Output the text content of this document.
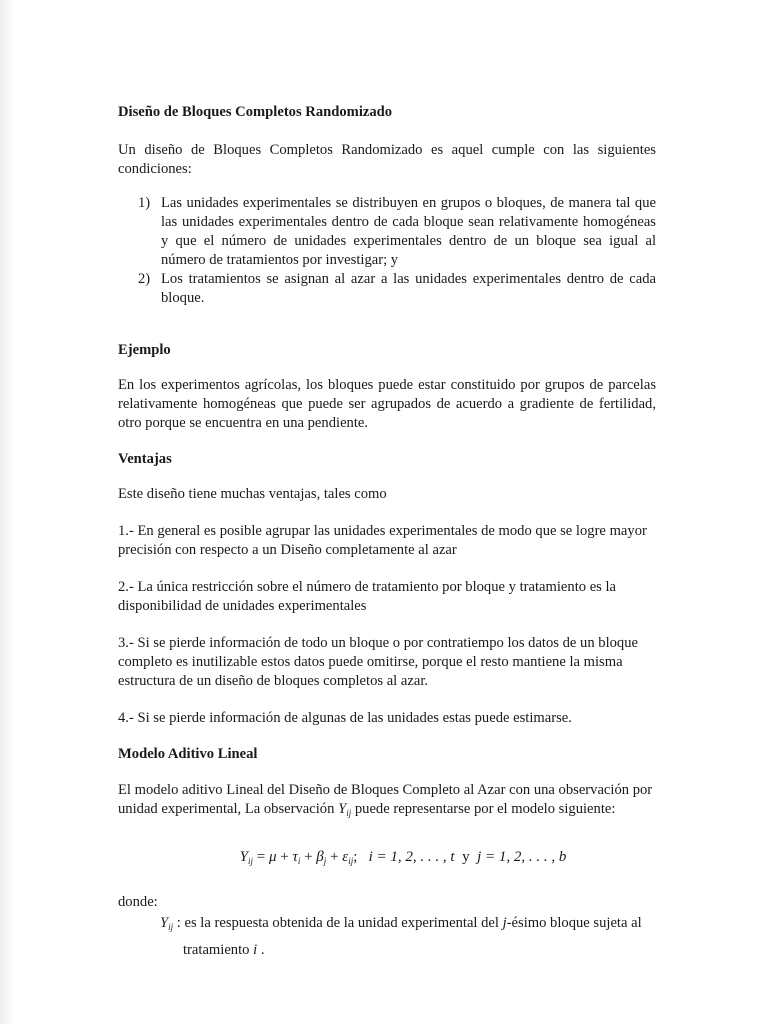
Diseño de Bloques Completos Randomizado

Un diseño de Bloques Completos Randomizado es aquel cumple con las siguientes condiciones:

1) Las unidades experimentales se distribuyen en grupos o bloques, de manera tal que las unidades experimentales dentro de cada bloque sean relativamente homogéneas y que el número de unidades experimentales dentro de un bloque sea igual al número de tratamientos por investigar; y
2) Los tratamientos se asignan al azar a las unidades experimentales dentro de cada bloque.

Ejemplo

En los experimentos agrícolas, los bloques puede estar constituido por grupos de parcelas relativamente homogéneas que puede ser agrupados de acuerdo a gradiente de fertilidad, otro porque se encuentra en una pendiente.

Ventajas

Este diseño tiene muchas ventajas, tales como

1.- En general es posible agrupar las unidades experimentales de modo que se logre mayor precisión con respecto a un Diseño completamente al azar

2.- La única restricción sobre el número de tratamiento por bloque y tratamiento es la disponibilidad de unidades experimentales

3.- Si se pierde información de todo un bloque o por contratiempo los datos de un bloque completo es inutilizable estos datos puede omitirse, porque el resto mantiene la misma estructura de un diseño de bloques completos al azar.

4.- Si se pierde información de algunas de las unidades estas puede estimarse.

Modelo Aditivo Lineal

El modelo aditivo Lineal del Diseño de Bloques Completo al Azar con una observación por unidad experimental, La observación $Y_{ij}$ puede representarse por el modelo siguiente:

$Y_{ij} = \mu + \tau_i + \beta_j + \varepsilon_{ij}$; i = 1, 2, . . . , t y j = 1, 2, . . . , b

donde:

$Y_{ij}$ : es la respuesta obtenida de la unidad experimental del j-ésimo bloque sujeta al

tratamiento i .
